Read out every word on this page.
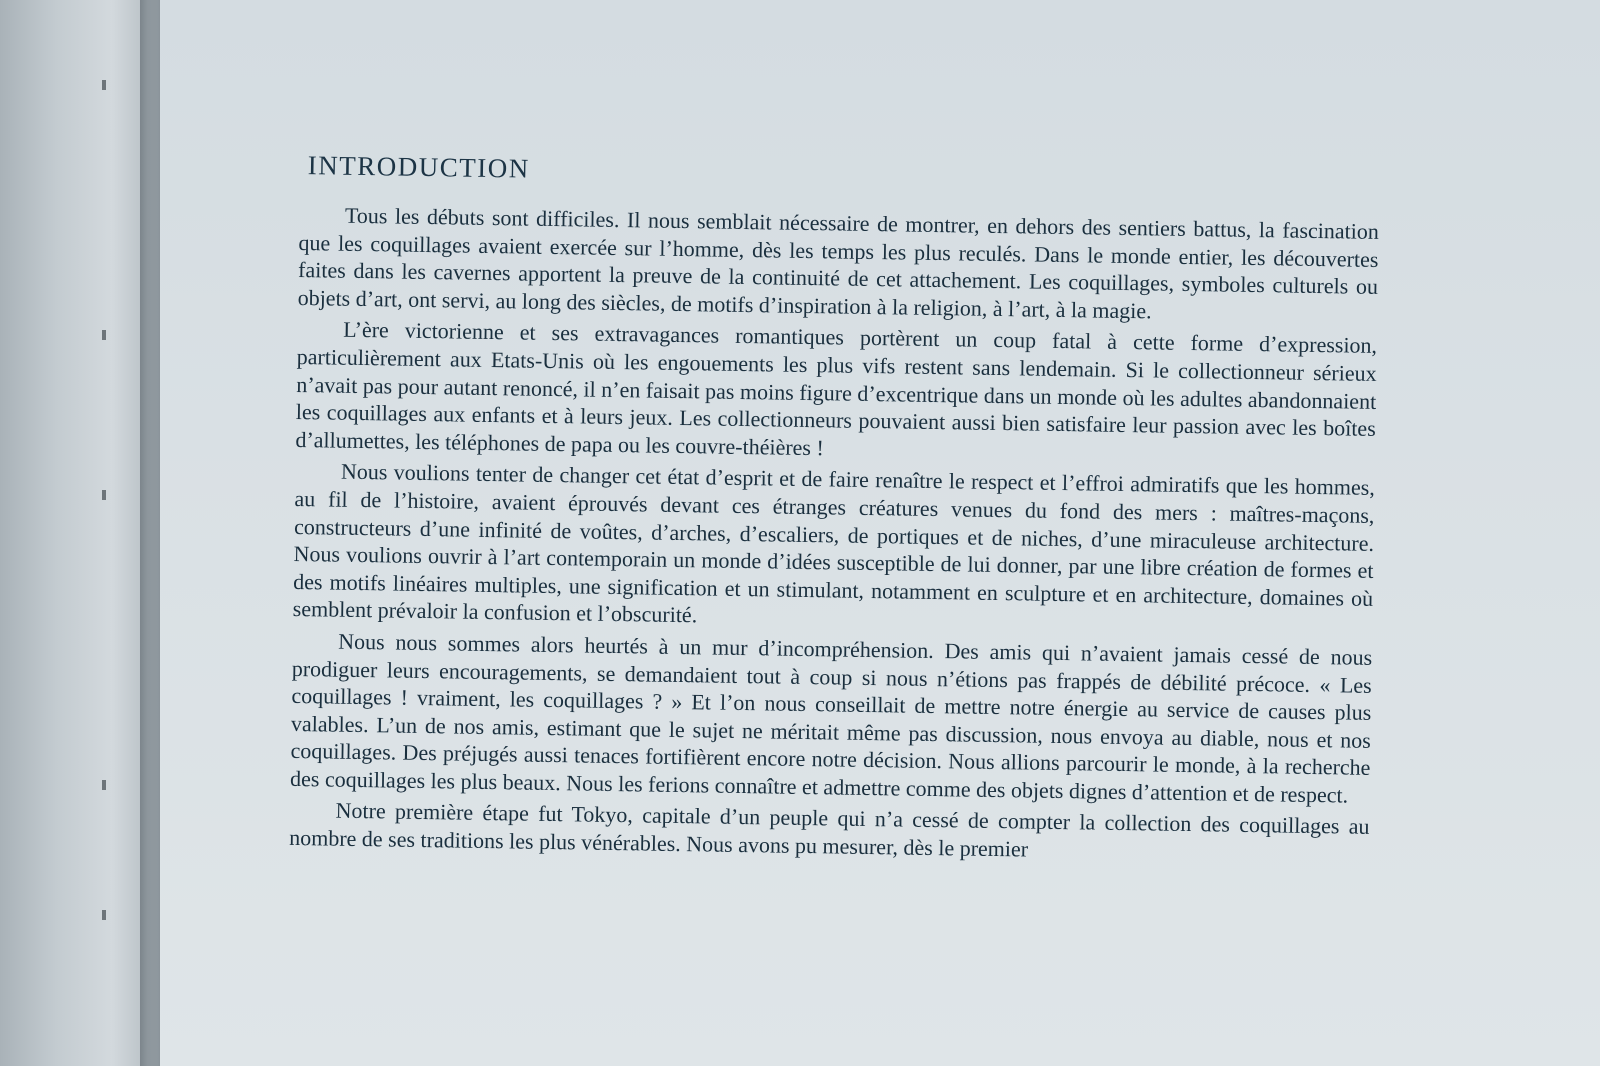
INTRODUCTION

Tous les débuts sont difficiles. Il nous semblait nécessaire de montrer, en dehors des sentiers battus, la fascination que les coquillages avaient exercée sur l’homme, dès les temps les plus reculés. Dans le monde entier, les découvertes faites dans les cavernes apportent la preuve de la continuité de cet attachement. Les coquillages, symboles culturels ou objets d’art, ont servi, au long des siècles, de motifs d’inspiration à la religion, à l’art, à la magie.

L’ère victorienne et ses extravagances romantiques portèrent un coup fatal à cette forme d’expression, particulièrement aux Etats-Unis où les engouements les plus vifs restent sans lendemain. Si le collectionneur sérieux n’avait pas pour autant renoncé, il n’en faisait pas moins figure d’excentrique dans un monde où les adultes abandonnaient les coquillages aux enfants et à leurs jeux. Les collectionneurs pouvaient aussi bien satisfaire leur passion avec les boîtes d’allumettes, les téléphones de papa ou les couvre-théières !

Nous voulions tenter de changer cet état d’esprit et de faire renaître le respect et l’effroi admiratifs que les hommes, au fil de l’histoire, avaient éprouvés devant ces étranges créatures venues du fond des mers : maîtres-maçons, constructeurs d’une infinité de voûtes, d’arches, d’escaliers, de portiques et de niches, d’une miraculeuse architecture. Nous voulions ouvrir à l’art contemporain un monde d’idées susceptible de lui donner, par une libre création de formes et des motifs linéaires multiples, une signification et un stimulant, notamment en sculpture et en architecture, domaines où semblent prévaloir la confusion et l’obscurité.

Nous nous sommes alors heurtés à un mur d’incompréhension. Des amis qui n’avaient jamais cessé de nous prodiguer leurs encouragements, se demandaient tout à coup si nous n’étions pas frappés de débilité précoce. « Les coquillages ! vraiment, les coquillages ? » Et l’on nous conseillait de mettre notre énergie au service de causes plus valables. L’un de nos amis, estimant que le sujet ne méritait même pas discussion, nous envoya au diable, nous et nos coquillages. Des préjugés aussi tenaces fortifièrent encore notre décision. Nous allions parcourir le monde, à la recherche des coquillages les plus beaux. Nous les ferions connaître et admettre comme des objets dignes d’attention et de respect.

Notre première étape fut Tokyo, capitale d’un peuple qui n’a cessé de compter la collection des coquillages au nombre de ses traditions les plus vénérables. Nous avons pu mesurer, dès le premier
